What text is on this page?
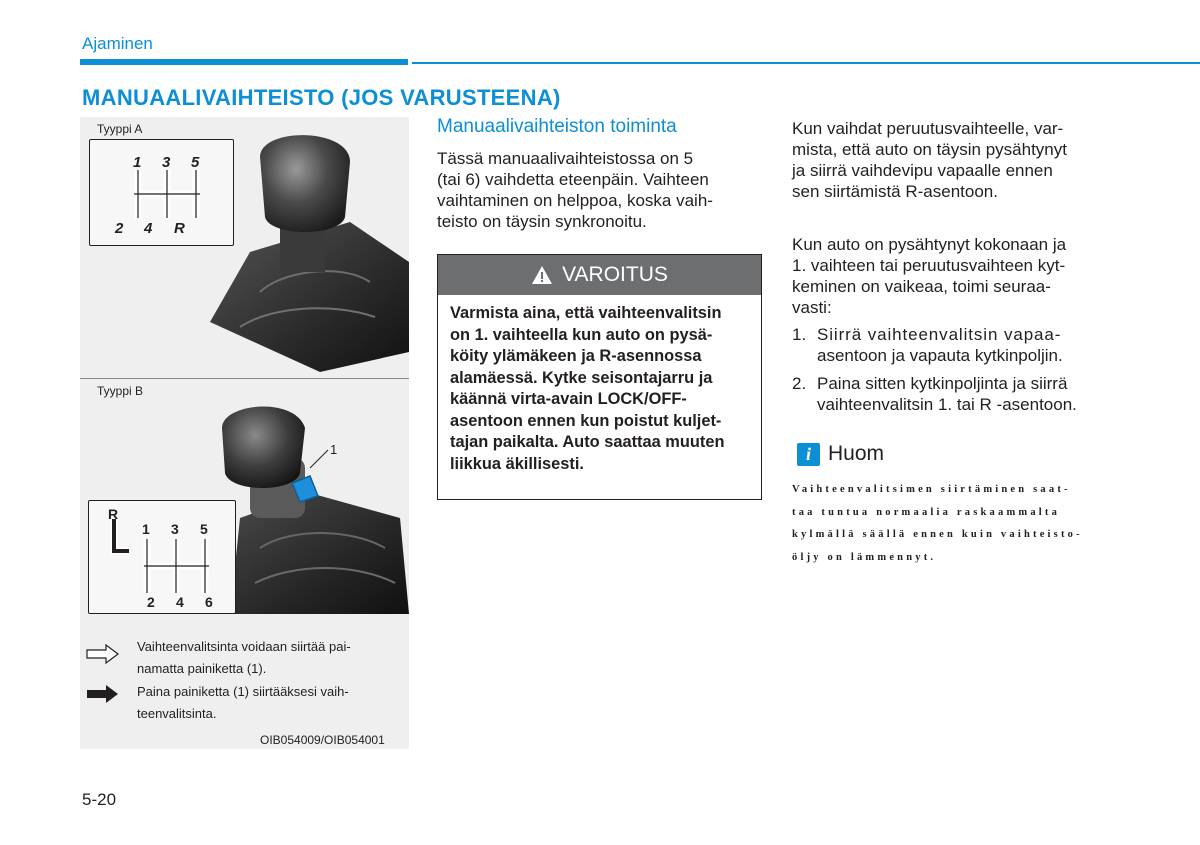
Ajaminen
MANUAALIVAIHTEISTO (JOS VARUSTEENA)
Tyyppi A
1 3 5
2 4 R
Tyyppi B
1
R
1 3 5
2 4 6
Vaihteenvalitsinta voidaan siirtää pai-
namatta painiketta (1).
Paina painiketta (1) siirtääksesi vaih-
teenvalitsinta.
OIB054009/OIB054001
Manuaalivaihteiston toiminta
Tässä manuaalivaihteistossa on 5
(tai 6) vaihdetta eteenpäin. Vaihteen
vaihtaminen on helppoa, koska vaih-
teisto on täysin synkronoitu.
VAROITUS
Varmista aina, että vaihteenvalitsin
on 1. vaihteella kun auto on pysä-
köity ylämäkeen ja R-asennossa
alamäessä. Kytke seisontajarru ja
käännä virta-avain LOCK/OFF-
asentoon ennen kun poistut kuljet-
tajan paikalta. Auto saattaa muuten
liikkua äkillisesti.
Kun vaihdat peruutusvaihteelle, var-
mista, että auto on täysin pysähtynyt
ja siirrä vaihdevipu vapaalle ennen
sen siirtämistä R-asentoon.
Kun auto on pysähtynyt kokonaan ja
1. vaihteen tai peruutusvaihteen kyt-
keminen on vaikeaa, toimi seuraa-
vasti:
1. Siirrä vaihteenvalitsin vapaa-
asentoon ja vapauta kytkinpoljin.
2. Paina sitten kytkinpoljinta ja siirrä
vaihteenvalitsin 1. tai R -asentoon.
i Huom
Vaihteenvalitsimen siirtäminen saat-
taa tuntua normaalia raskaammalta
kylmällä säällä ennen kuin vaihteisto-
öljy on lämmennyt.
5-20
